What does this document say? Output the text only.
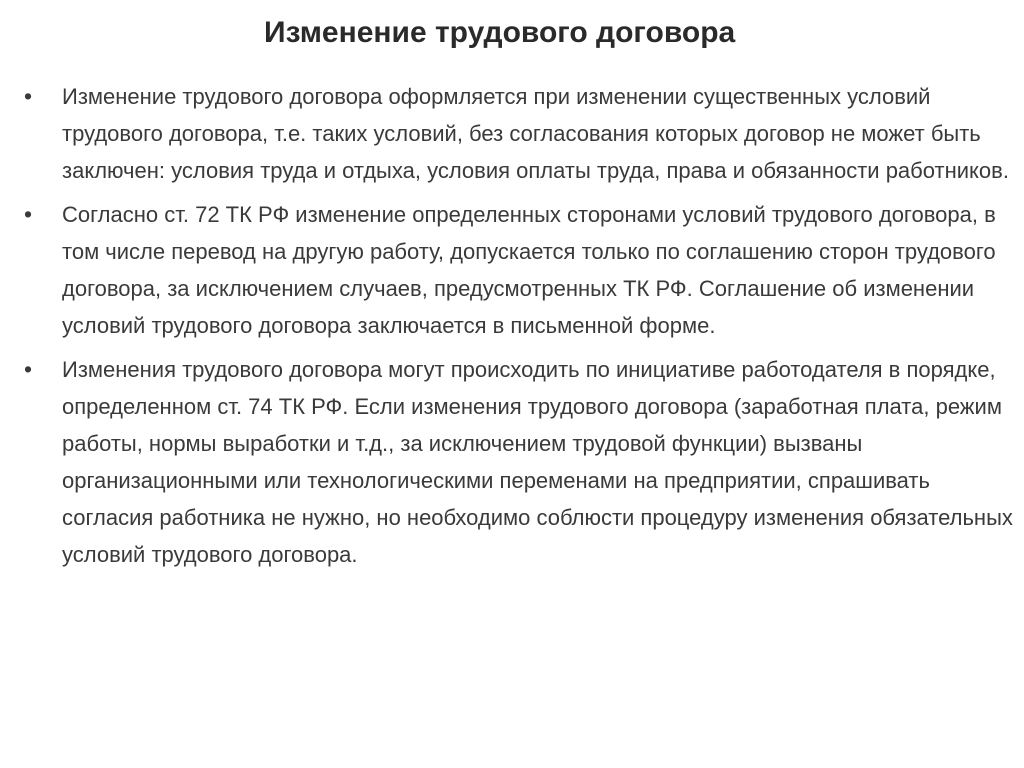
Изменение трудового договора
•	Изменение трудового договора оформляется при изменении существенных условий трудового договора, т.е. таких условий, без согласования которых договор не может быть заключен: условия труда и отдыха, условия оплаты труда, права и обязанности работников.
•	Согласно ст. 72 ТК РФ изменение определенных сторонами условий трудового договора, в том числе перевод на другую работу, допускается только по соглашению сторон трудового договора, за исключением случаев, предусмотренных ТК РФ. Соглашение об изменении условий трудового договора заключается в письменной форме.
•	Изменения трудового договора могут происходить по инициативе работодателя в порядке, определенном ст. 74 ТК РФ. Если изменения трудового договора (заработная плата, режим работы, нормы выработки и т.д., за исключением трудовой функции) вызваны организационными или технологическими переменами на предприятии, спрашивать согласия работника не нужно, но необходимо соблюсти процедуру изменения обязательных условий трудового договора.
